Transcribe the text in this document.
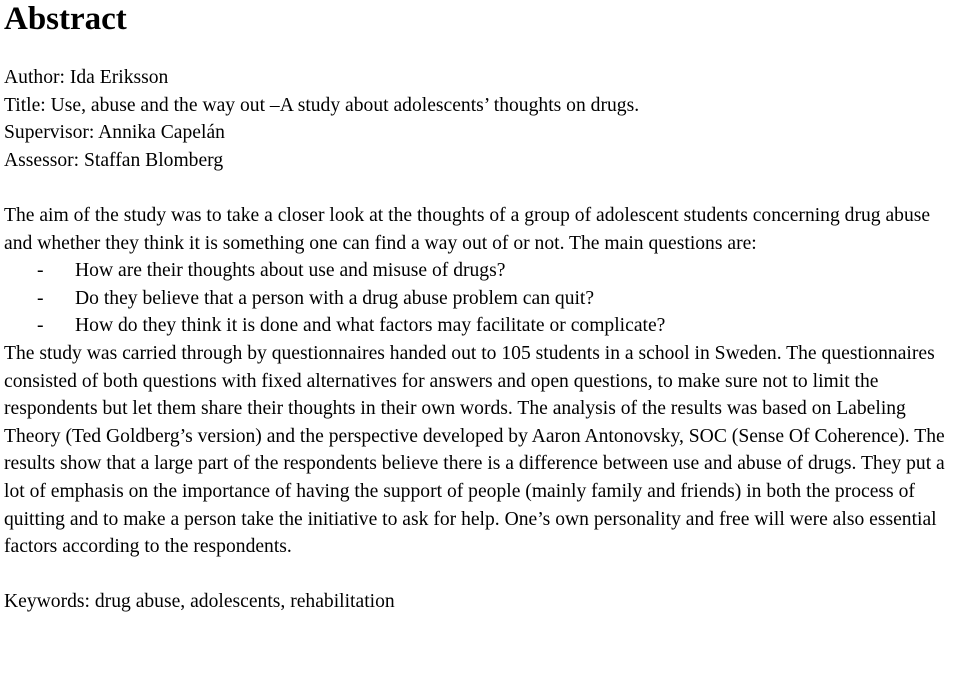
Abstract
Author: Ida Eriksson
Title: Use, abuse and the way out –A study about adolescents’ thoughts on drugs.
Supervisor: Annika Capelán
Assessor: Staffan Blomberg

The aim of the study was to take a closer look at the thoughts of a group of adolescent students concerning drug abuse and whether they think it is something one can find a way out of or not. The main questions are:

- How are their thoughts about use and misuse of drugs?
- Do they believe that a person with a drug abuse problem can quit?
- How do they think it is done and what factors may facilitate or complicate?

The study was carried through by questionnaires handed out to 105 students in a school in Sweden. The questionnaires consisted of both questions with fixed alternatives for answers and open questions, to make sure not to limit the respondents but let them share their thoughts in their own words. The analysis of the results was based on Labeling Theory (Ted Goldberg’s version) and the perspective developed by Aaron Antonovsky, SOC (Sense Of Coherence). The results show that a large part of the respondents believe there is a difference between use and abuse of drugs. They put a lot of emphasis on the importance of having the support of people (mainly family and friends) in both the process of quitting and to make a person take the initiative to ask for help. One’s own personality and free will were also essential factors according to the respondents.

Keywords: drug abuse, adolescents, rehabilitation
